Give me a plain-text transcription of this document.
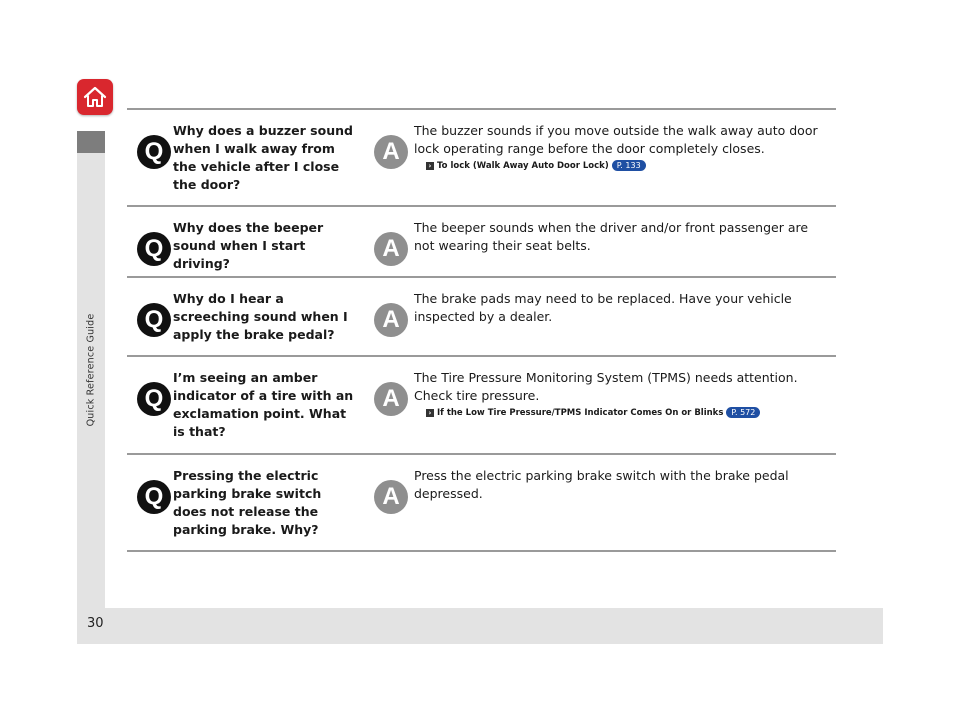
Quick Reference Guide
Q
Why does a buzzer sound when I walk away from the vehicle after I close the door?
A
The buzzer sounds if you move outside the walk away auto door lock operating range before the door completely closes.
› To lock (Walk Away Auto Door Lock) P. 133
Q
Why does the beeper sound when I start driving?
A
The beeper sounds when the driver and/or front passenger are not wearing their seat belts.
Q
Why do I hear a screeching sound when I apply the brake pedal?
A
The brake pads may need to be replaced. Have your vehicle inspected by a dealer.
Q
I’m seeing an amber indicator of a tire with an exclamation point. What is that?
A
The Tire Pressure Monitoring System (TPMS) needs attention. Check tire pressure.
› If the Low Tire Pressure/TPMS Indicator Comes On or Blinks P. 572
Q
Pressing the electric parking brake switch does not release the parking brake. Why?
A
Press the electric parking brake switch with the brake pedal depressed.
30
